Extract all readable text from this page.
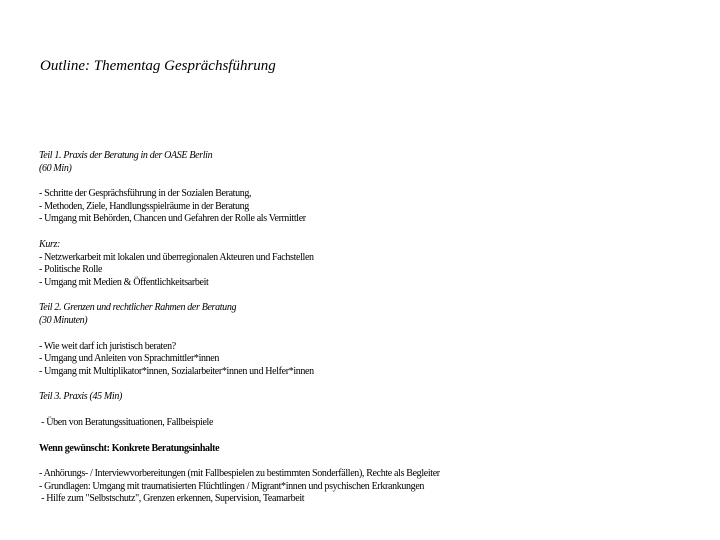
Outline: Thementag Gesprächsführung
Teil 1. Praxis der Beratung in der OASE Berlin
(60 Min)
- Schritte der Gesprächsführung in der Sozialen Beratung,
- Methoden, Ziele, Handlungsspielräume in der Beratung
- Umgang mit Behörden, Chancen und Gefahren der Rolle als Vermittler
Kurz:
- Netzwerkarbeit mit lokalen und überregionalen Akteuren und Fachstellen
- Politische Rolle
- Umgang mit Medien & Öffentlichkeitsarbeit
Teil 2. Grenzen und rechtlicher Rahmen der Beratung
(30 Minuten)
- Wie weit darf ich juristisch beraten?
- Umgang und Anleiten von Sprachmittler*innen
- Umgang mit Multiplikator*innen, Sozialarbeiter*innen und Helfer*innen
Teil 3. Praxis (45 Min)
- Üben von Beratungssituationen, Fallbeispiele
Wenn gewünscht: Konkrete Beratungsinhalte
- Anhörungs- / Interviewvorbereitungen (mit Fallbespielen zu bestimmten Sonderfällen), Rechte als Begleiter
- Grundlagen: Umgang mit traumatisierten Flüchtlingen / Migrant*innen und psychischen Erkrankungen
- Hilfe zum "Selbstschutz", Grenzen erkennen, Supervision, Teamarbeit
